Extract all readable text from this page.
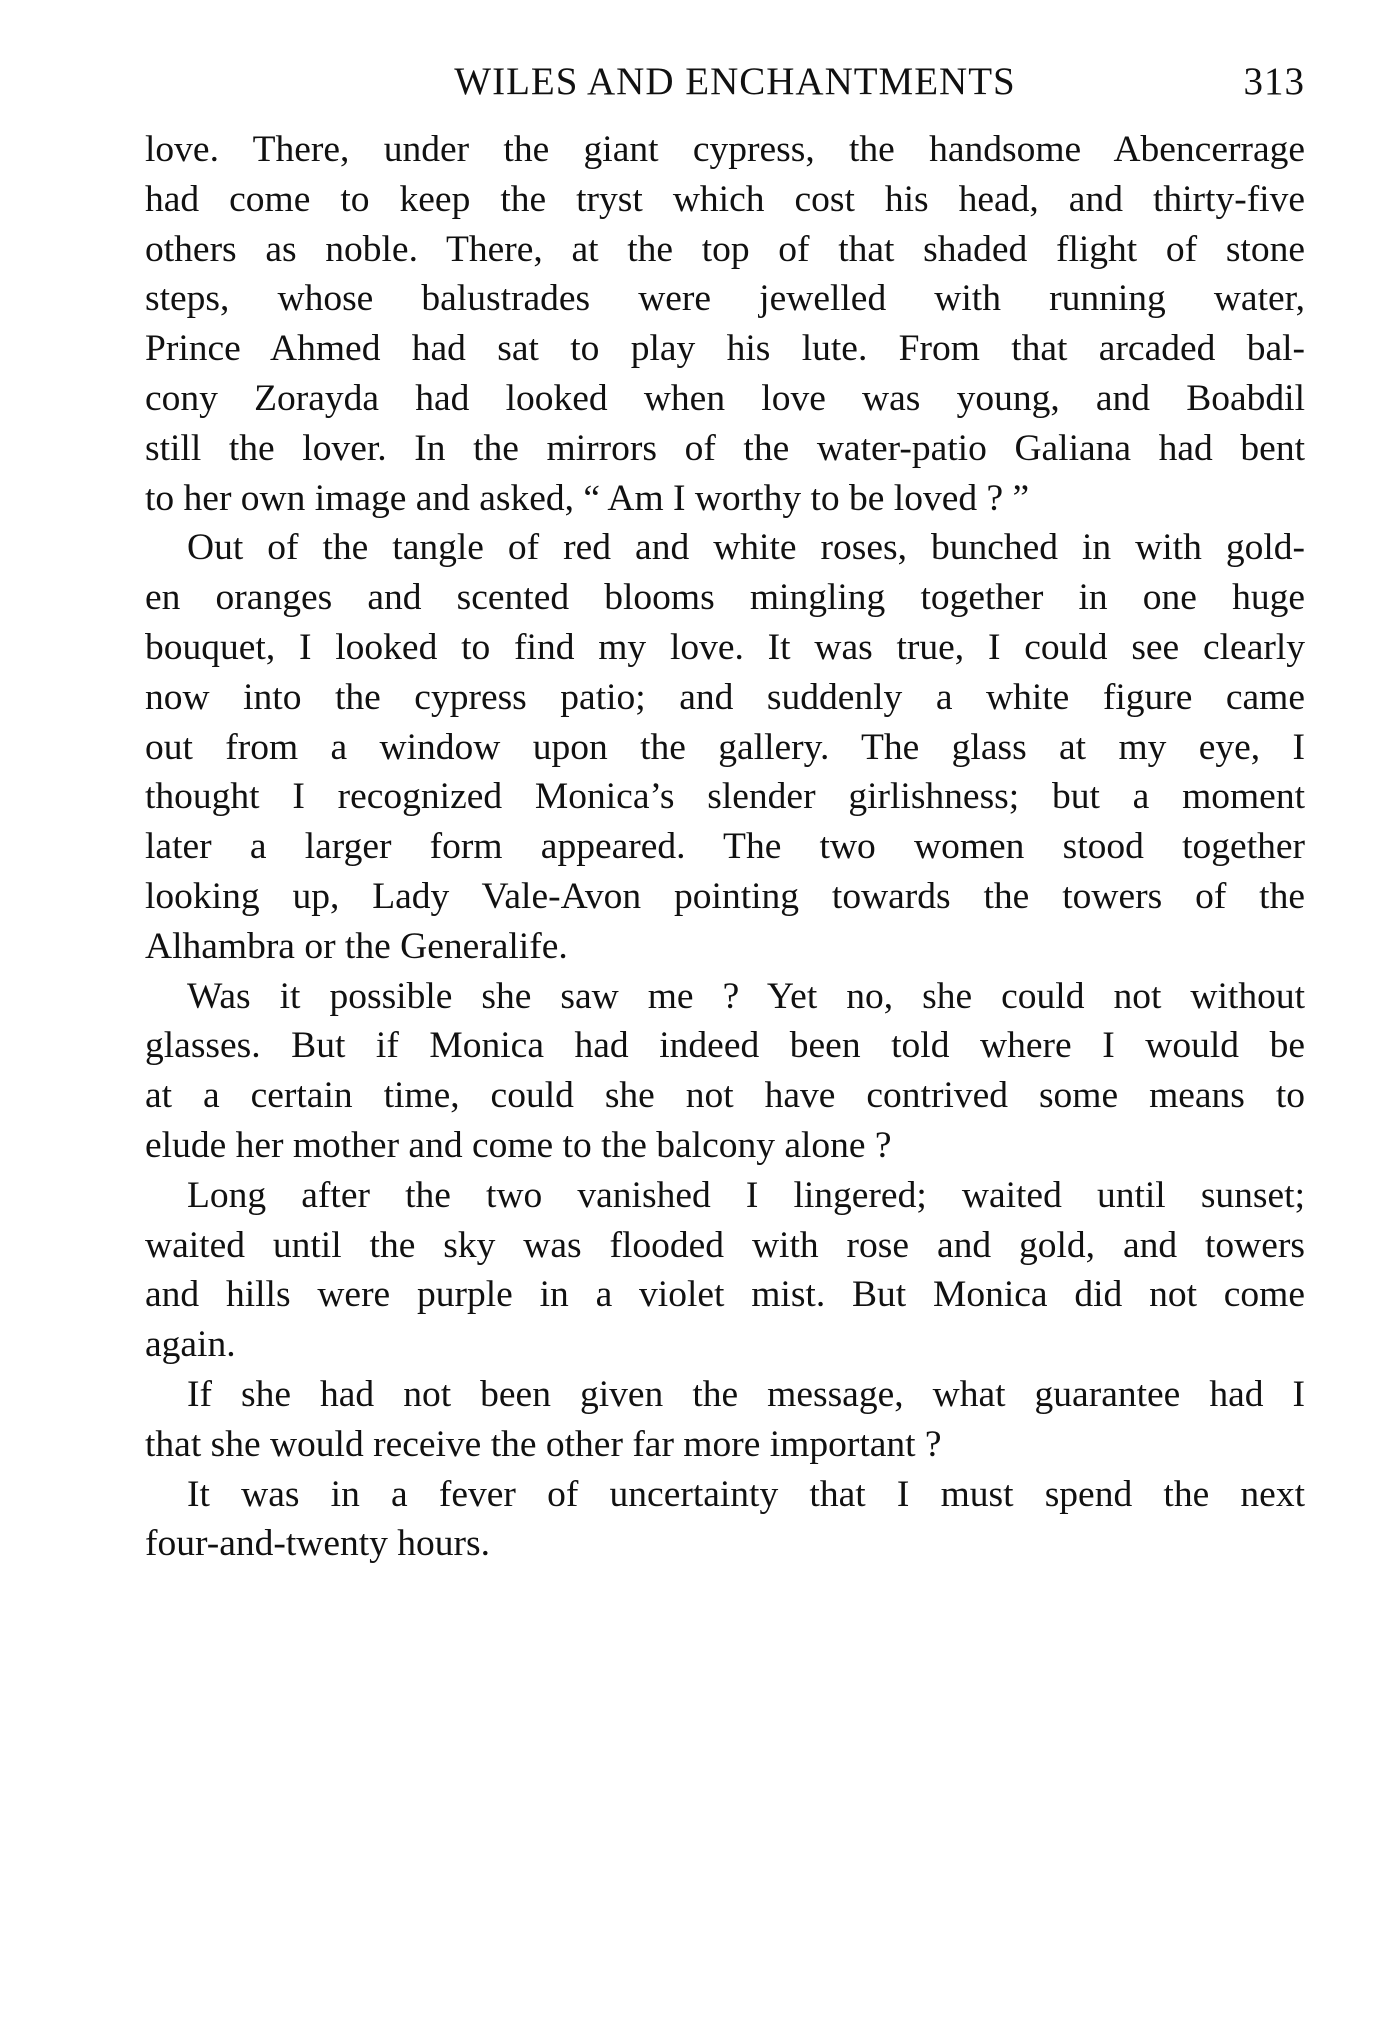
WILES AND ENCHANTMENTS	313

love. There, under the giant cypress, the handsome Abencerrage
had come to keep the tryst which cost his head, and thirty-five
others as noble. There, at the top of that shaded flight of stone
steps, whose balustrades were jewelled with running water,
Prince Ahmed had sat to play his lute. From that arcaded bal-
cony Zorayda had looked when love was young, and Boabdil
still the lover. In the mirrors of the water-patio Galiana had bent
to her own image and asked, “ Am I worthy to be loved ? ”

Out of the tangle of red and white roses, bunched in with gold-
en oranges and scented blooms mingling together in one huge
bouquet, I looked to find my love. It was true, I could see clearly
now into the cypress patio; and suddenly a white figure came
out from a window upon the gallery. The glass at my eye, I
thought I recognized Monica’s slender girlishness; but a moment
later a larger form appeared. The two women stood together
looking up, Lady Vale-Avon pointing towards the towers of the
Alhambra or the Generalife.

Was it possible she saw me ? Yet no, she could not without
glasses. But if Monica had indeed been told where I would be
at a certain time, could she not have contrived some means to
elude her mother and come to the balcony alone ?

Long after the two vanished I lingered; waited until sunset;
waited until the sky was flooded with rose and gold, and towers
and hills were purple in a violet mist. But Monica did not come
again.

If she had not been given the message, what guarantee had I
that she would receive the other far more important ?

It was in a fever of uncertainty that I must spend the next
four-and-twenty hours.
